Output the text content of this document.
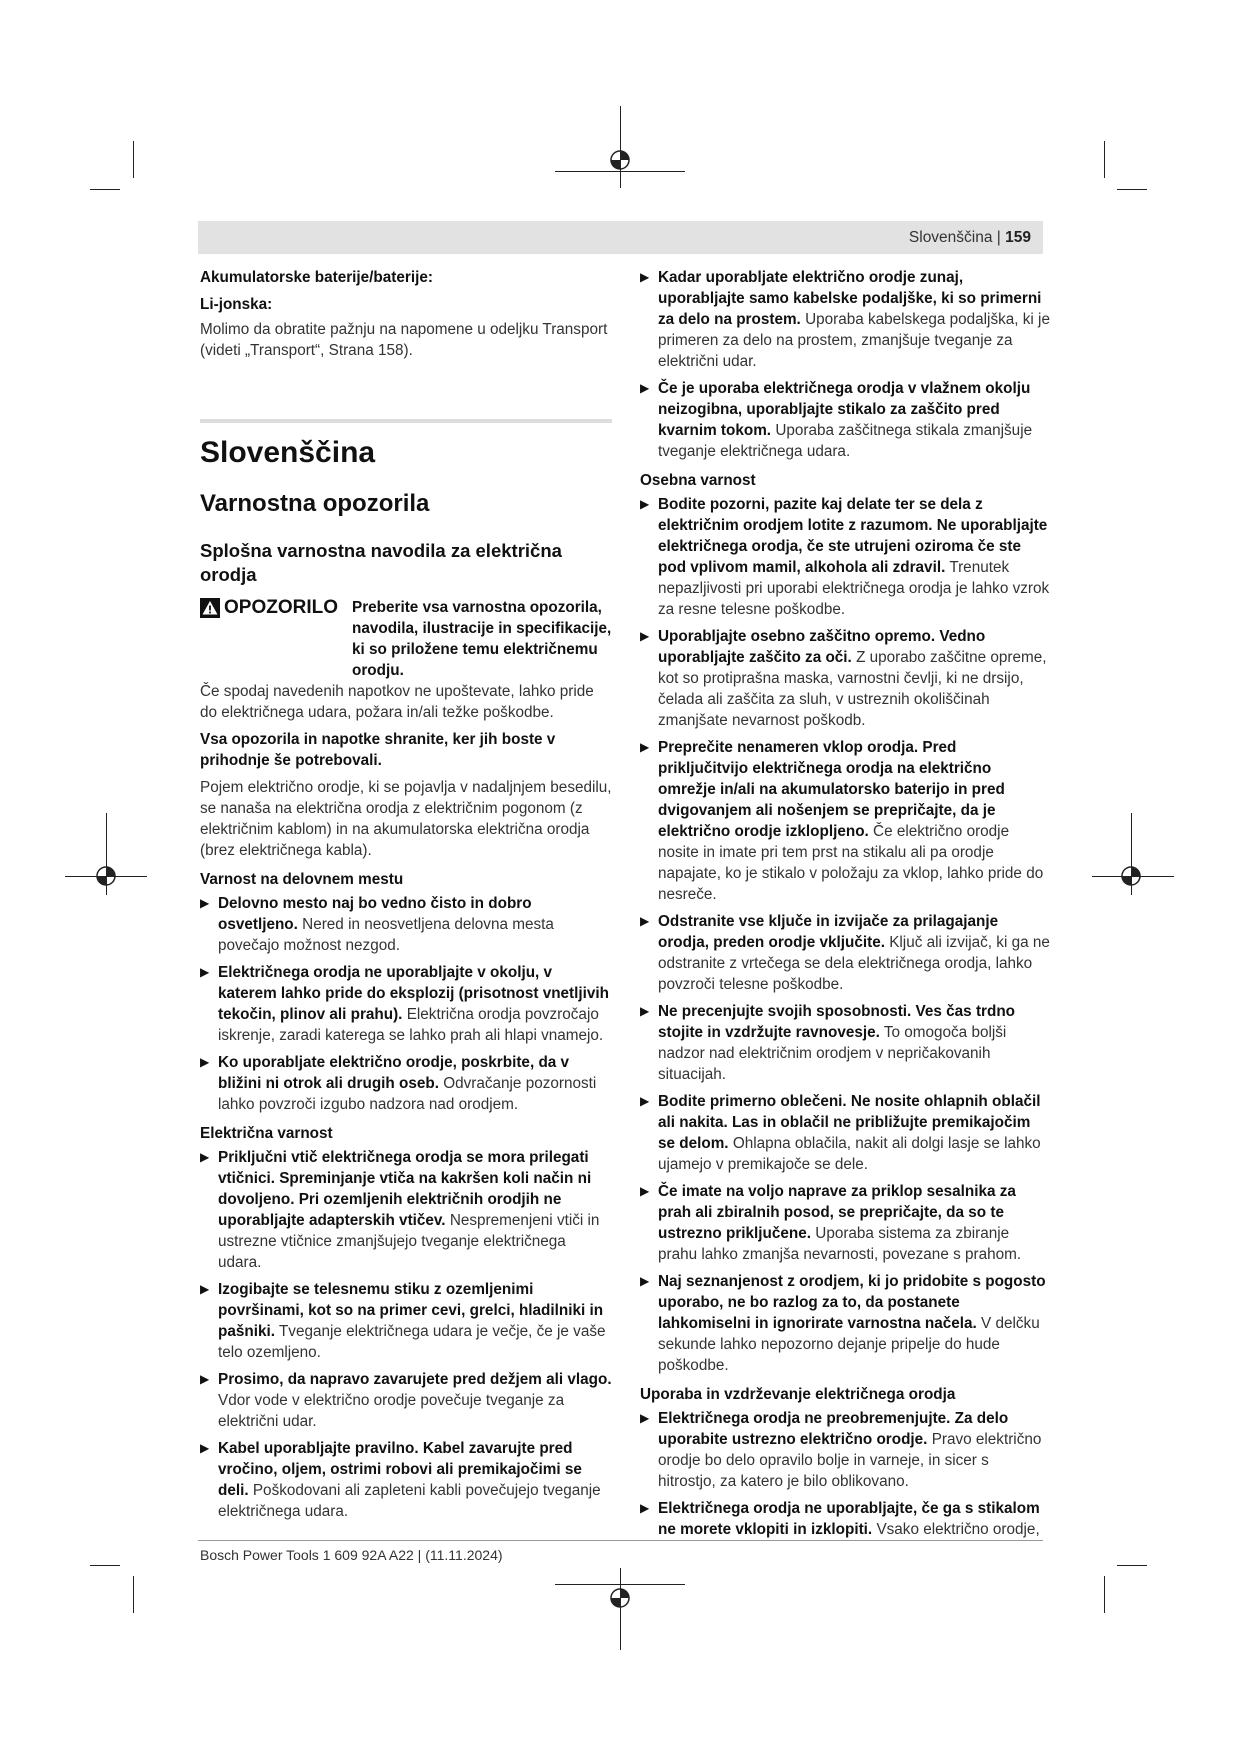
Slovenščina | 159
Akumulatorske baterije/baterije:
Li-jonska:
Molimo da obratite pažnju na napomene u odeljku Transport (videti „Transport“, Strana 158).
Slovenščina
Varnostna opozorila
Splošna varnostna navodila za električna orodja
OPOZORILO Preberite vsa varnostna opozorila, navodila, ilustracije in specifikacije, ki so priložene temu električnemu orodju.
Če spodaj navedenih napotkov ne upoštevate, lahko pride do električnega udara, požara in/ali težke poškodbe.
Vsa opozorila in napotke shranite, ker jih boste v prihodnje še potrebovali.
Pojem električno orodje, ki se pojavlja v nadaljnjem besedilu, se nanaša na električna orodja z električnim pogonom (z električnim kablom) in na akumulatorska električna orodja (brez električnega kabla).
Varnost na delovnem mestu
▶ Delovno mesto naj bo vedno čisto in dobro osvetljeno. Nered in neosvetljena delovna mesta povečajo možnost nezgod.
▶ Električnega orodja ne uporabljajte v okolju, v katerem lahko pride do eksplozij (prisotnost vnetljivih tekočin, plinov ali prahu). Električna orodja povzročajo iskrenje, zaradi katerega se lahko prah ali hlapi vnamejo.
▶ Ko uporabljate električno orodje, poskrbite, da v bližini ni otrok ali drugih oseb. Odvračanje pozornosti lahko povzroči izgubo nadzora nad orodjem.
Električna varnost
▶ Priključni vtič električnega orodja se mora prilegati vtičnici. Spreminjanje vtiča na kakršen koli način ni dovoljeno. Pri ozemljenih električnih orodjih ne uporabljajte adapterskih vtičev. Nespremenjeni vtiči in ustrezne vtičnice zmanjšujejo tveganje električnega udara.
▶ Izogibajte se telesnemu stiku z ozemljenimi površinami, kot so na primer cevi, grelci, hladilniki in pašniki. Tveganje električnega udara je večje, če je vaše telo ozemljeno.
▶ Prosimo, da napravo zavarujete pred dežjem ali vlago. Vdor vode v električno orodje povečuje tveganje za električni udar.
▶ Kabel uporabljajte pravilno. Kabel zavarujte pred vročino, oljem, ostrimi robovi ali premikajočimi se deli. Poškodovani ali zapleteni kabli povečujejo tveganje električnega udara.
▶ Kadar uporabljate električno orodje zunaj, uporabljajte samo kabelske podaljške, ki so primerni za delo na prostem. Uporaba kabelskega podaljška, ki je primeren za delo na prostem, zmanjšuje tveganje za električni udar.
▶ Če je uporaba električnega orodja v vlažnem okolju neizogibna, uporabljajte stikalo za zaščito pred kvarnim tokom. Uporaba zaščitnega stikala zmanjšuje tveganje električnega udara.
Osebna varnost
▶ Bodite pozorni, pazite kaj delate ter se dela z električnim orodjem lotite z razumom. Ne uporabljajte električnega orodja, če ste utrujeni oziroma če ste pod vplivom mamil, alkohola ali zdravil. Trenutek nepazljivosti pri uporabi električnega orodja je lahko vzrok za resne telesne poškodbe.
▶ Uporabljajte osebno zaščitno opremo. Vedno uporabljajte zaščito za oči. Z uporabo zaščitne opreme, kot so protiprašna maska, varnostni čevlji, ki ne drsijo, čelada ali zaščita za sluh, v ustreznih okoliščinah zmanjšate nevarnost poškodb.
▶ Preprečite nenameren vklop orodja. Pred priključitvijo električnega orodja na električno omrežje in/ali na akumulatorsko baterijo in pred dvigovanjem ali nošenjem se prepričajte, da je električno orodje izklopljeno. Če električno orodje nosite in imate pri tem prst na stikalu ali pa orodje napajate, ko je stikalo v položaju za vklop, lahko pride do nesreče.
▶ Odstranite vse ključe in izvijače za prilagajanje orodja, preden orodje vključite. Ključ ali izvijač, ki ga ne odstranite z vrtečega se dela električnega orodja, lahko povzroči telesne poškodbe.
▶ Ne precenjujte svojih sposobnosti. Ves čas trdno stojite in vzdržujte ravnovesje. To omogoča boljši nadzor nad električnim orodjem v nepričakovanih situacijah.
▶ Bodite primerno oblečeni. Ne nosite ohlapnih oblačil ali nakita. Las in oblačil ne približujte premikajočim se delom. Ohlapna oblačila, nakit ali dolgi lasje se lahko ujamejo v premikajoče se dele.
▶ Če imate na voljo naprave za priklop sesalnika za prah ali zbiralnih posod, se prepričajte, da so te ustrezno priključene. Uporaba sistema za zbiranje prahu lahko zmanjša nevarnosti, povezane s prahom.
▶ Naj seznanjenost z orodjem, ki jo pridobite s pogosto uporabo, ne bo razlog za to, da postanete lahkomiselni in ignorirate varnostna načela. V delčku sekunde lahko nepozorno dejanje pripelje do hude poškodbe.
Uporaba in vzdrževanje električnega orodja
▶ Električnega orodja ne preobremenjujte. Za delo uporabite ustrezno električno orodje. Pravo električno orodje bo delo opravilo bolje in varneje, in sicer s hitrostjo, za katero je bilo oblikovano.
▶ Električnega orodja ne uporabljajte, če ga s stikalom ne morete vklopiti in izklopiti. Vsako električno orodje,
Bosch Power Tools 1 609 92A A22 | (11.11.2024)
